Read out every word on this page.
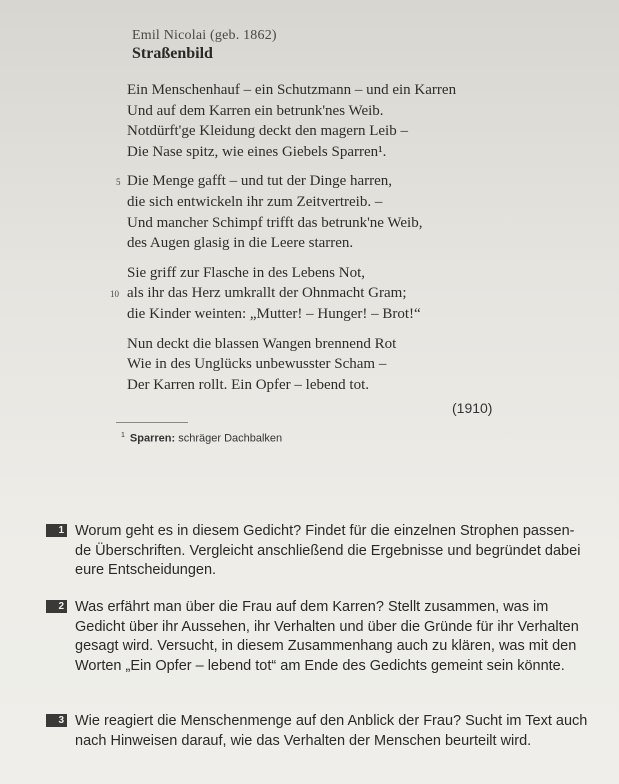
Emil Nicolai (geb. 1862)
Straßenbild
Ein Menschenhauf – ein Schutzmann – und ein Karren
Und auf dem Karren ein betrunk'nes Weib.
Notdürft'ge Kleidung deckt den magern Leib –
Die Nase spitz, wie eines Giebels Sparren¹.
5 Die Menge gafft – und tut der Dinge harren,
die sich entwickeln ihr zum Zeitvertreib. –
Und mancher Schimpf trifft das betrunk'ne Weib,
des Augen glasig in die Leere starren.
Sie griff zur Flasche in des Lebens Not,
10 als ihr das Herz umkrallt der Ohnmacht Gram;
die Kinder weinten: „Mutter! – Hunger! – Brot!“
Nun deckt die blassen Wangen brennend Rot
Wie in des Unglücks unbewusster Scham –
Der Karren rollt. Ein Opfer – lebend tot.
(1910)
$^1$ Sparren: schräger Dachbalken
1 Worum geht es in diesem Gedicht? Findet für die einzelnen Strophen passen-
de Überschriften. Vergleicht anschließend die Ergebnisse und begründet dabei
eure Entscheidungen.
2 Was erfährt man über die Frau auf dem Karren? Stellt zusammen, was im
Gedicht über ihr Aussehen, ihr Verhalten und über die Gründe für ihr Verhalten
gesagt wird. Versucht, in diesem Zusammenhang auch zu klären, was mit den
Worten „Ein Opfer – lebend tot“ am Ende des Gedichts gemeint sein könnte.
3 Wie reagiert die Menschenmenge auf den Anblick der Frau? Sucht im Text auch
nach Hinweisen darauf, wie das Verhalten der Menschen beurteilt wird.
